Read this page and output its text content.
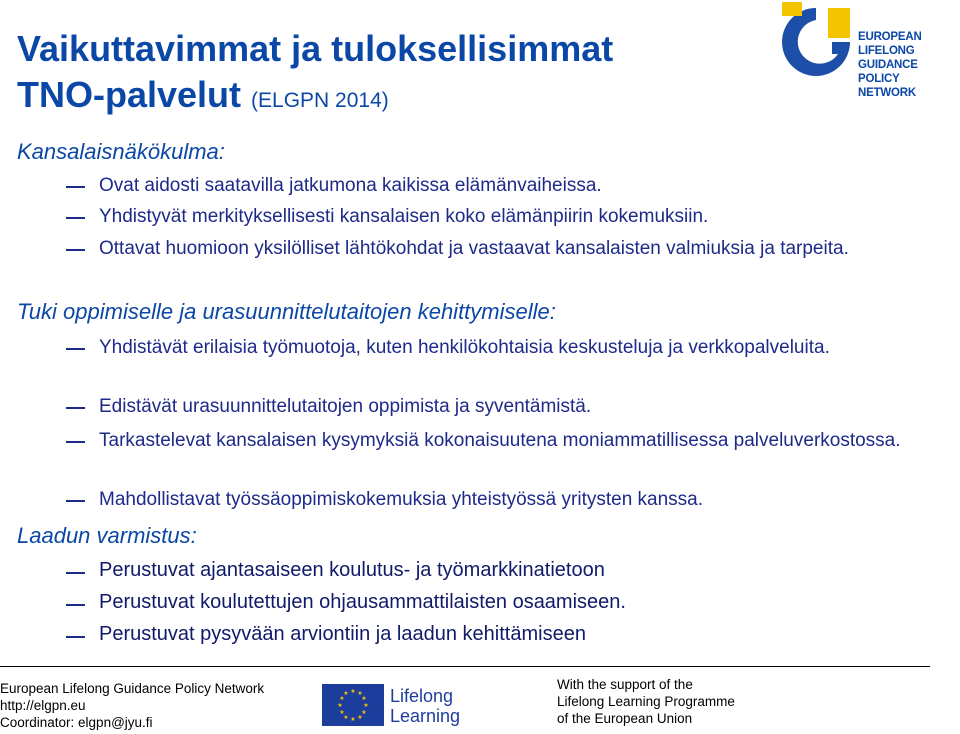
Vaikuttavimmat ja tuloksellisimmat
TNO-palvelut (ELGPN 2014)
EUROPEAN LIFELONG
GUIDANCE POLICY
NETWORK
Kansalaisnäkökulma:
Ovat aidosti saatavilla jatkumona kaikissa elämänvaiheissa.
Yhdistyvät merkityksellisesti kansalaisen koko elämänpiirin kokemuksiin.
Ottavat huomioon yksilölliset lähtökohdat ja vastaavat kansalaisten valmiuksia ja tarpeita.
Tuki oppimiselle ja urasuunnittelutaitojen kehittymiselle:
Yhdistävät erilaisia työmuotoja, kuten henkilökohtaisia keskusteluja ja verkkopalveluita.
Edistävät urasuunnittelutaitojen oppimista ja syventämistä.
Tarkastelevat kansalaisen kysymyksiä kokonaisuutena moniammatillisessa palveluverkostossa.
Mahdollistavat työssäoppimiskokemuksia yhteistyössä yritysten kanssa.
Laadun varmistus:
Perustuvat ajantasaiseen koulutus- ja työmarkkinatietoon
Perustuvat koulutettujen ohjausammattilaisten osaamiseen.
Perustuvat pysyvään arviontiin ja laadun kehittämiseen
European Lifelong Guidance Policy Network
http://elgpn.eu
Coordinator: elgpn@jyu.fi
★ ★
★
★
★
★
★
★
★
★
★
★ Lifelong
Learning
With the support of the
Lifelong Learning Programme
of the European Union
